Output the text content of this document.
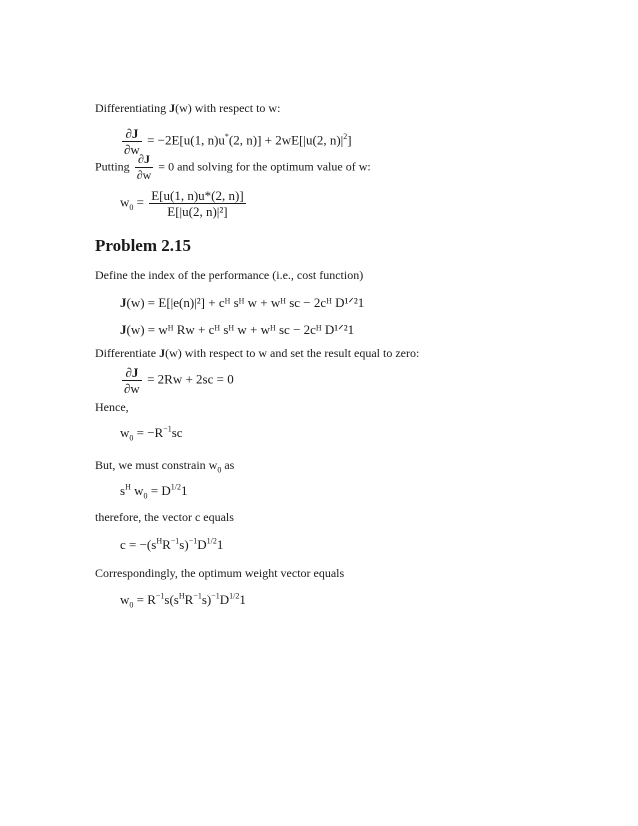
Differentiating J(w) with respect to w:
$\frac{\partial J}{\partial w} = -2E[u(1$, n)u*(2, n)] + 2wE[|u(2, $n)|^2$]
Putting $\frac{\partial J}{\partial w} = 0$ and solving for the optimum value of w:
$w_0 = \frac{E[u(1, n)u*(2, n)]}{\text{E[|u(2, n)|²]}}$
Problem 2.15
Define the index of the performance (i.e., cost function)
J(w) = E[|e(n)|²] + cᴴ sᴴ w + wᴴ sc − 2cᴴ D¹ᐟ²1
J(w) = wᴴ Rw + cᴴ sᴴ w + wᴴ sc − 2cᴴ D¹ᐟ²1
Differentiate J(w) with respect to w and set the result equal to zero:
$\frac{\partial J}{\partial w} = 2Rw + 2sc = 0$
Hence,
$w_0 = -R^{-1}sc$
But, we must constrain $w_0$ as
$s^H$ $w_0 = D^{1/2}1$
therefore, the vector c equals
$c = -(s^HR^{-1}s)^{-1}D^{1/2}1$
Correspondingly, the optimum weight vector equals
$w_0 = R^{-1}s(s^HR^{-1}s)^{-1}D^{1/2}1$
